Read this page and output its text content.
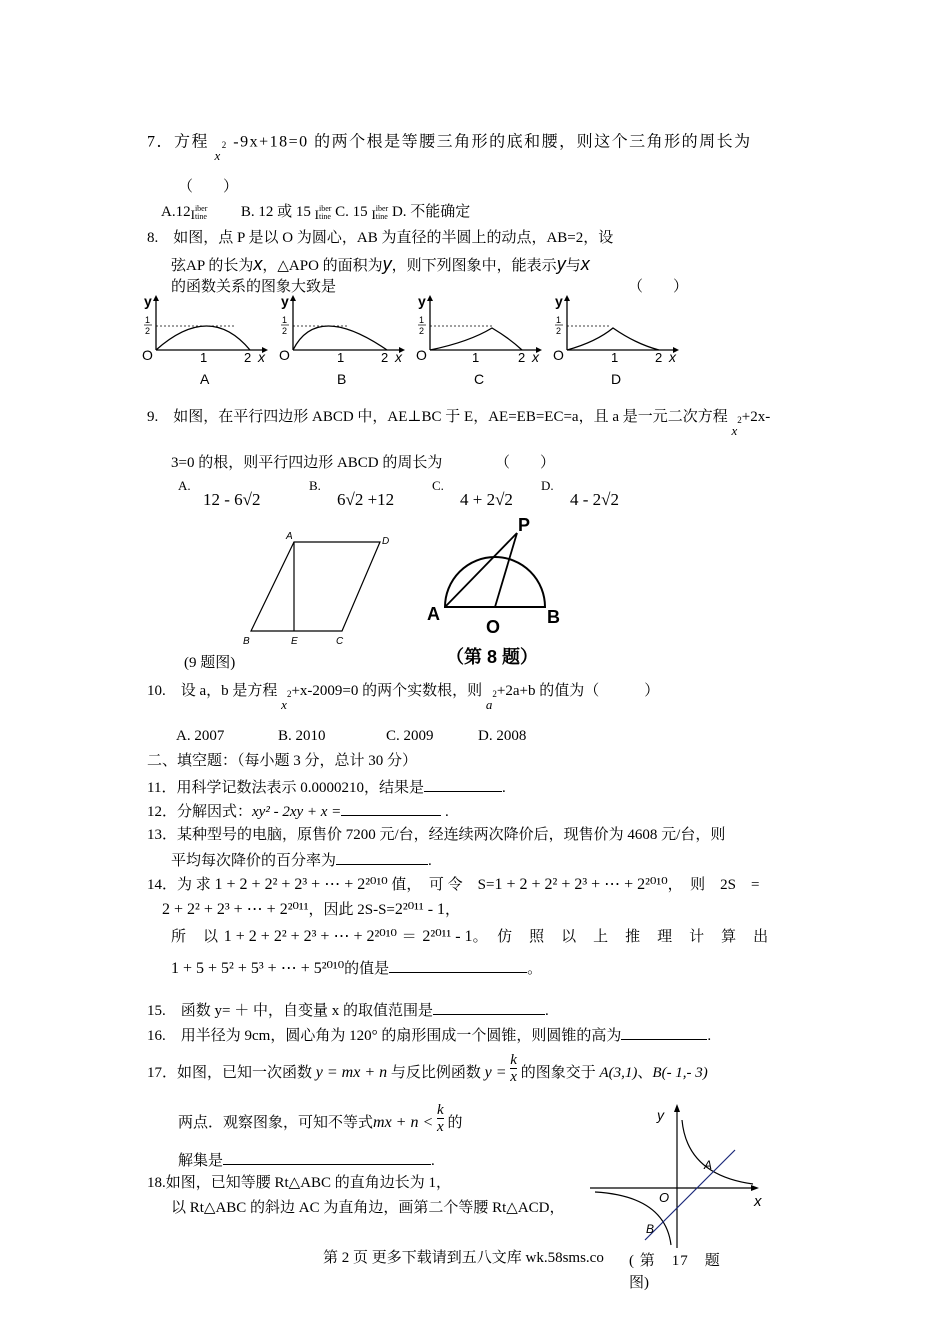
7．方程 $_x^2$ -9x+18=0 的两个根是等腰三角形的底和腰，则这个三角形的周长为
（　　）
A.12Iiber
tine B. 12 或 15 Iiber
tine C. 15 Iiber
tine D. 不能确定
8.　如图，点 P 是以 O 为圆心，AB 为直径的半圆上的动点，AB=2，设
弦AP 的长为x，△APO 的面积为y，则下列图象中，能表示y与x
的函数关系的图象大致是	（　　）
y
1
2
O	1	2 x
A
y
1
2
O	1	2 x
B
y
1
2
O	1	2 x
C
y
1
2
O	1	2 x
D
9.　如图，在平行四边形 ABCD 中，AE⊥BC 于 E，AE=EB=EC=a，且 a 是一元二次方程 $x^2+2x-$
3=0 的根，则平行四边形 ABCD 的周长为	（　　）
A.
12 - 6√2
B.
6√2 +12
C.
4 + 2√2
D.
4 - 2√2
A	D
B	E	C
(9 题图)
P
A
O	B
（第 8 题）
10.　设 a，b 是方程 $x^2+x-2009=0$ 的两个实数根，则 $a^2+2a+b$ 的值为（　　　）
A. 2007	B. 2010	C. 2009	D. 2008
二、填空题：（每小题 3 分，总计 30 分）
11．用科学记数法表示 0.0000210，结果是	.
12．分解因式：xy² - 2xy + x =	.
13．某种型号的电脑，原售价 7200 元/台，经连续两次降价后，现售价为 4608 元/台，则
平均每次降价的百分率为	.
14．为 求 1 + 2 + 2² + 2³ + ⋯ + 2²⁰¹⁰ 值，　可 令　S=1 + 2 + 2² + 2³ + ⋯ + 2²⁰¹⁰，　则　2S　=
2 + 2² + 2³ + ⋯ + 2²⁰¹¹，因此 2S-S=2²⁰¹¹ - 1，
所　以 1 + 2 + 2² + 2³ + ⋯ + 2²⁰¹⁰ ＝ 2²⁰¹¹ - 1。　仿　照　以　上　推　理　计　算　出
1 + 5 + 5² + 5³ + ⋯ + 5²⁰¹⁰的值是	。
15.　函数 y= ＋ 中，自变量 x 的取值范围是	.
16.　用半径为 9cm，圆心角为 120° 的扇形围成一个圆锥，则圆锥的高为	.
17．如图，已知一次函数 y = mx + n 与反比例函数 $y = \frac{k}{x}$ 的图象交于 A(3,1)、B(- 1,- 3)
两点．观察图象，可知不等式mx + $n < \frac{k}{x}$ 的
解集是	.
y
A
O	x
B
18.如图，已知等腰 Rt△ABC 的直角边长为 1，
以 Rt△ABC 的斜边 AC 为直角边，画第二个等腰 Rt△ACD，
第 2 页 更多下载请到五八文库 wk.58sms.co ( 第　17　题
图)
